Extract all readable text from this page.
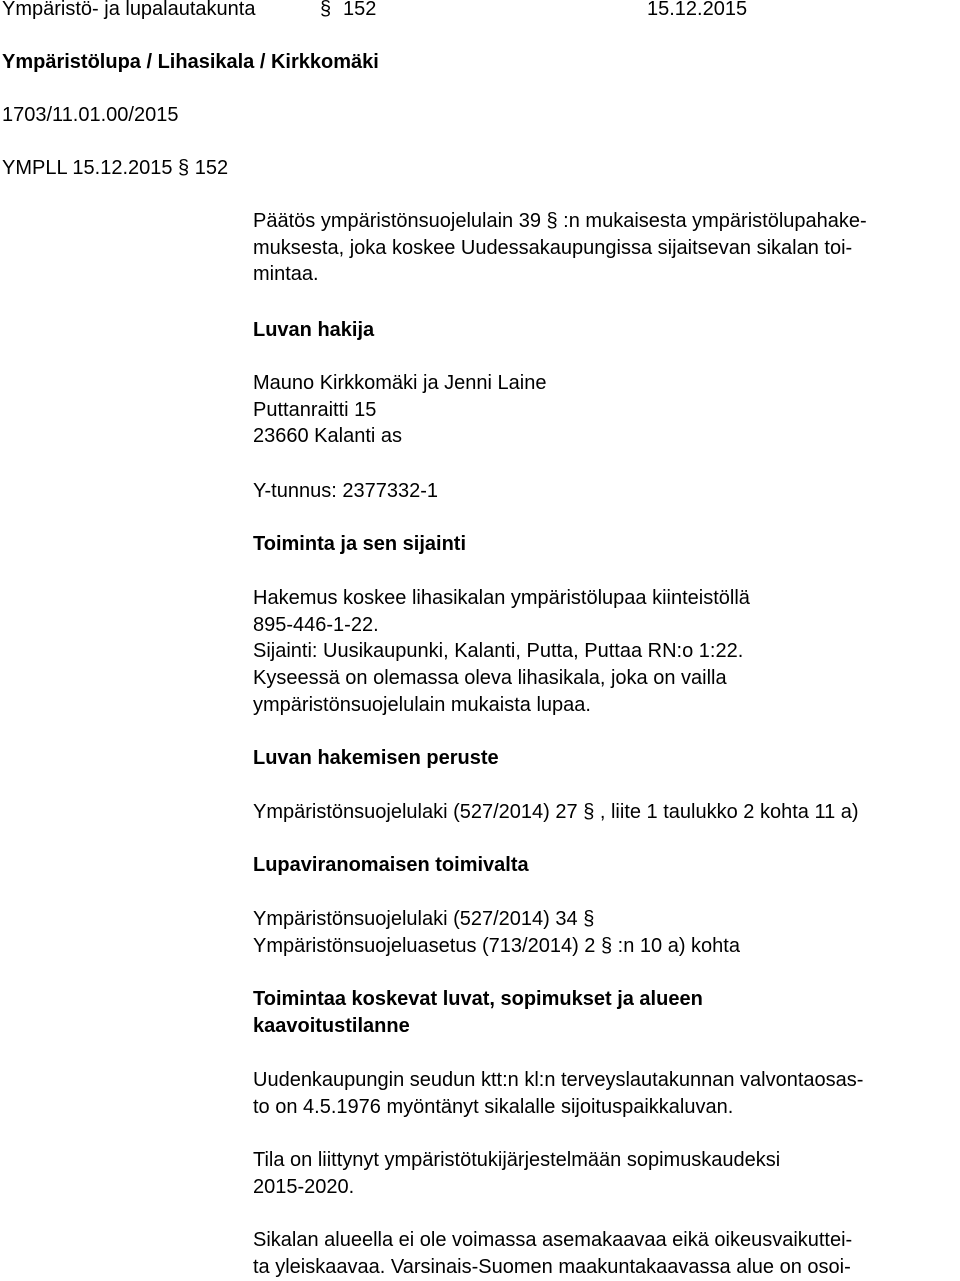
Ympäristö- ja lupalautakunta	§ 152	15.12.2015
Ympäristölupa / Lihasikala / Kirkkomäki
1703/11.01.00/2015
YMPLL 15.12.2015 § 152
Päätös ympäristönsuojelulain 39 § :n mukaisesta ympäristölupahake-
muksesta, joka koskee Uudessakaupungissa sijaitsevan sikalan toi-
mintaa.
Luvan hakija
Mauno Kirkkomäki ja Jenni Laine
Puttanraitti 15
23660 Kalanti as
Y-tunnus: 2377332-1
Toiminta ja sen sijainti
Hakemus koskee lihasikalan ympäristölupaa kiinteistöllä
895-446-1-22.
Sijainti: Uusikaupunki, Kalanti, Putta, Puttaa RN:o 1:22.
Kyseessä on olemassa oleva lihasikala, joka on vailla
ympäristönsuojelulain mukaista lupaa.
Luvan hakemisen peruste
Ympäristönsuojelulaki (527/2014) 27 § , liite 1 taulukko 2 kohta 11 a)
Lupaviranomaisen toimivalta
Ympäristönsuojelulaki (527/2014) 34 §
Ympäristönsuojeluasetus (713/2014) 2 § :n 10 a) kohta
Toimintaa koskevat luvat, sopimukset ja alueen
kaavoitustilanne
Uudenkaupungin seudun ktt:n kl:n terveyslautakunnan valvontaosas-
to on 4.5.1976 myöntänyt sikalalle sijoituspaikkaluvan.
Tila on liittynyt ympäristötukijärjestelmään sopimuskaudeksi
2015-2020.
Sikalan alueella ei ole voimassa asemakaavaa eikä oikeusvaikuttei-
ta yleiskaavaa. Varsinais-Suomen maakuntakaavassa alue on osoi-
